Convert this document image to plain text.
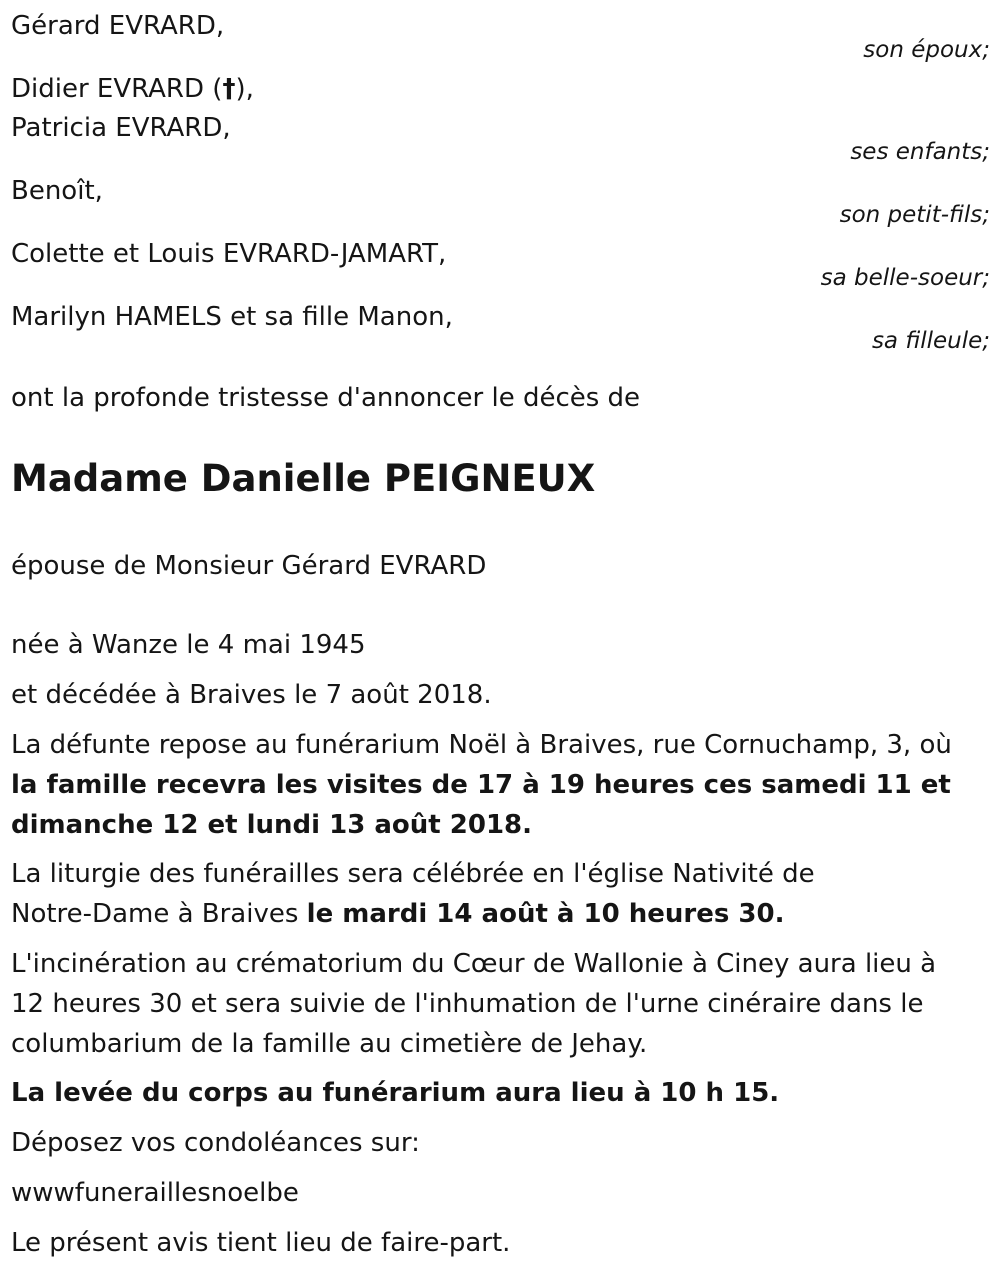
Gérard EVRARD,
son époux;
Didier EVRARD (†),
Patricia EVRARD,
ses enfants;
Benoît,
son petit-fils;
Colette et Louis EVRARD-JAMART,
sa belle-soeur;
Marilyn HAMELS et sa fille Manon,
sa filleule;
ont la profonde tristesse d'annoncer le décès de
Madame Danielle PEIGNEUX
épouse de Monsieur Gérard EVRARD
née à Wanze le 4 mai 1945
et décédée à Braives le 7 août 2018.
La défunte repose au funérarium Noël à Braives, rue Cornuchamp, 3, où
la famille recevra les visites de 17 à 19 heures ces samedi 11 et
dimanche 12 et lundi 13 août 2018.
La liturgie des funérailles sera célébrée en l'église Nativité de
Notre-Dame à Braives le mardi 14 août à 10 heures 30.
L'incinération au crématorium du Cœur de Wallonie à Ciney aura lieu à
12 heures 30 et sera suivie de l'inhumation de l'urne cinéraire dans le
columbarium de la famille au cimetière de Jehay.
La levée du corps au funérarium aura lieu à 10 h 15.
Déposez vos condoléances sur:
wwwfuneraillesnoelbe
Le présent avis tient lieu de faire-part.
